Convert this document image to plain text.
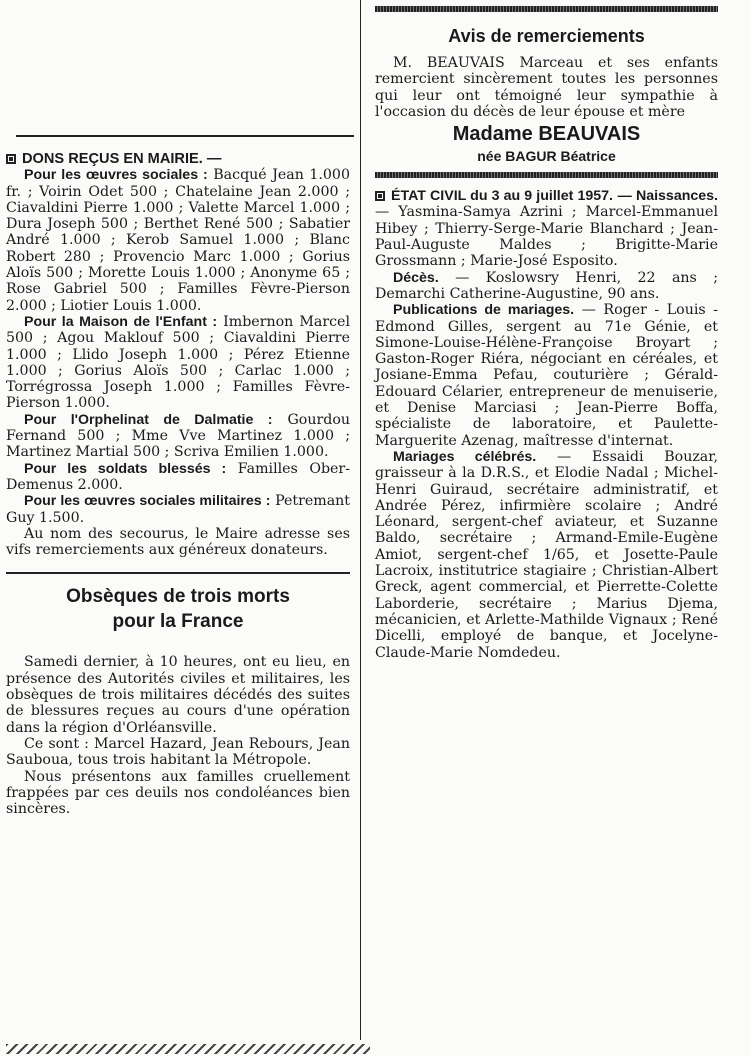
DONS REÇUS EN MAIRIE. —
Pour les œuvres sociales : Bacqué Jean 1.000 fr. ; Voirin Odet 500 ; Chatelaine Jean 2.000 ; Ciavaldini Pierre 1.000 ; Valette Marcel 1.000 ; Dura Joseph 500 ; Berthet René 500 ; Sabatier André 1.000 ; Kerob Samuel 1.000 ; Blanc Robert 280 ; Provencio Marc 1.000 ; Gorius Aloïs 500 ; Morette Louis 1.000 ; Anonyme 65 ; Rose Gabriel 500 ; Familles Fèvre-Pierson 2.000 ; Liotier Louis 1.000.

Pour la Maison de l'Enfant : Imbernon Marcel 500 ; Agou Maklouf 500 ; Ciavaldini Pierre 1.000 ; Llido Joseph 1.000 ; Pérez Etienne 1.000 ; Gorius Aloïs 500 ; Carlac 1.000 ; Torrégrossa Joseph 1.000 ; Familles Fèvre-Pierson 1.000.

Pour l'Orphelinat de Dalmatie : Gourdou Fernand 500 ; Mme Vve Martinez 1.000 ; Martinez Martial 500 ; Scriva Emilien 1.000.

Pour les soldats blessés : Familles Ober-Demenus 2.000.

Pour les œuvres sociales militaires : Petremant Guy 1.500.

Au nom des secourus, le Maire adresse ses vifs remerciements aux généreux donateurs.

Obsèques de trois morts
pour la France

Samedi dernier, à 10 heures, ont eu lieu, en présence des Autorités civiles et militaires, les obsèques de trois militaires décédés des suites de blessures reçues au cours d'une opération dans la région d'Orléansville.

Ce sont : Marcel Hazard, Jean Rebours, Jean Sauboua, tous trois habitant la Métropole.

Nous présentons aux familles cruellement frappées par ces deuils nos condoléances bien sincères.

Avis de remerciements

M. BEAUVAIS Marceau et ses enfants remercient sincèrement toutes les personnes qui leur ont témoigné leur sympathie à l'occasion du décès de leur épouse et mère

Madame BEAUVAIS
née BAGUR Béatrice

ÉTAT CIVIL du 3 au 9 juillet 1957. — Naissances. — Yasmina-Samya Azrini ; Marcel-Emmanuel Hibey ; Thierry-Serge-Marie Blanchard ; Jean-Paul-Auguste Maldes ; Brigitte-Marie Grossmann ; Marie-José Esposito.

Décès. — Koslowsry Henri, 22 ans ; Demarchi Catherine-Augustine, 90 ans.

Publications de mariages. — Roger - Louis - Edmond Gilles, sergent au 71e Génie, et Simone-Louise-Hélène-Françoise Broyart ; Gaston-Roger Riéra, négociant en céréales, et Josiane-Emma Pefau, couturière ; Gérald-Edouard Célarier, entrepreneur de menuiserie, et Denise Marciasi ; Jean-Pierre Boffa, spécialiste de laboratoire, et Paulette-Marguerite Azenag, maîtresse d'internat.

Mariages célébrés. — Essaidi Bouzar, graisseur à la D.R.S., et Elodie Nadal ; Michel-Henri Guiraud, secrétaire administratif, et Andrée Pérez, infirmière scolaire ; André Léonard, sergent-chef aviateur, et Suzanne Baldo, secrétaire ; Armand-Emile-Eugène Amiot, sergent-chef 1/65, et Josette-Paule Lacroix, institutrice stagiaire ; Christian-Albert Greck, agent commercial, et Pierrette-Colette Laborderie, secrétaire ; Marius Djema, mécanicien, et Arlette-Mathilde Vignaux ; René Dicelli, employé de banque, et Jocelyne-Claude-Marie Nomdedeu.
